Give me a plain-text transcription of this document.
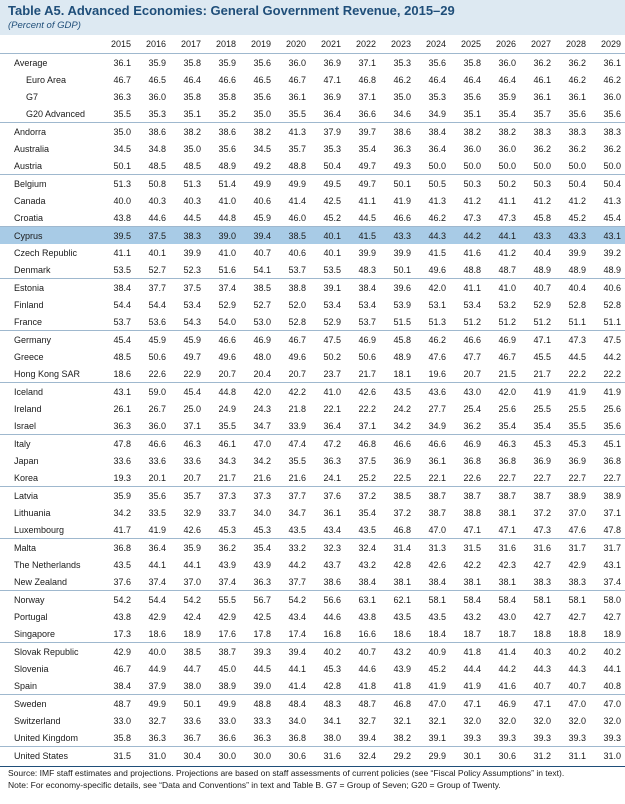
Table A5. Advanced Economies: General Government Revenue, 2015–29
(Percent of GDP)
	2015	2016	2017	2018	2019	2020	2021	2022	2023	2024	2025	2026	2027	2028	2029
Average	36.1	35.9	35.8	35.9	35.6	36.0	36.9	37.1	35.3	35.6	35.8	36.0	36.2	36.2	36.1
Euro Area	46.7	46.5	46.4	46.6	46.5	46.7	47.1	46.8	46.2	46.4	46.4	46.4	46.1	46.2	46.2
G7	36.3	36.0	35.8	35.8	35.6	36.1	36.9	37.1	35.0	35.3	35.6	35.9	36.1	36.1	36.0
G20 Advanced	35.5	35.3	35.1	35.2	35.0	35.5	36.4	36.6	34.6	34.9	35.1	35.4	35.7	35.6	35.6
Andorra	35.0	38.6	38.2	38.6	38.2	41.3	37.9	39.7	38.6	38.4	38.2	38.2	38.3	38.3	38.3
Australia	34.5	34.8	35.0	35.6	34.5	35.7	35.3	35.4	36.3	36.4	36.0	36.0	36.2	36.2	36.2
Austria	50.1	48.5	48.5	48.9	49.2	48.8	50.4	49.7	49.3	50.0	50.0	50.0	50.0	50.0	50.0
Belgium	51.3	50.8	51.3	51.4	49.9	49.9	49.5	49.7	50.1	50.5	50.3	50.2	50.3	50.4	50.4
Canada	40.0	40.3	40.3	41.0	40.6	41.4	42.5	41.1	41.9	41.3	41.2	41.1	41.2	41.2	41.3
Croatia	43.8	44.6	44.5	44.8	45.9	46.0	45.2	44.5	46.6	46.2	47.3	47.3	45.8	45.2	45.4
Cyprus	39.5	37.5	38.3	39.0	39.4	38.5	40.1	41.5	43.3	44.3	44.2	44.1	43.3	43.3	43.1
Czech Republic	41.1	40.1	39.9	41.0	40.7	40.6	40.1	39.9	39.9	41.5	41.6	41.2	40.4	39.9	39.2
Denmark	53.5	52.7	52.3	51.6	54.1	53.7	53.5	48.3	50.1	49.6	48.8	48.7	48.9	48.9	48.9
Estonia	38.4	37.7	37.5	37.4	38.5	38.8	39.1	38.4	39.6	42.0	41.1	41.0	40.7	40.4	40.6
Finland	54.4	54.4	53.4	52.9	52.7	52.0	53.4	53.4	53.9	53.1	53.4	53.2	52.9	52.8	52.8
France	53.7	53.6	54.3	54.0	53.0	52.8	52.9	53.7	51.5	51.3	51.2	51.2	51.2	51.1	51.1
Germany	45.4	45.9	45.9	46.6	46.9	46.7	47.5	46.9	45.8	46.2	46.6	46.9	47.1	47.3	47.5
Greece	48.5	50.6	49.7	49.6	48.0	49.6	50.2	50.6	48.9	47.6	47.7	46.7	45.5	44.5	44.2
Hong Kong SAR	18.6	22.6	22.9	20.7	20.4	20.7	23.7	21.7	18.1	19.6	20.7	21.5	21.7	22.2	22.2
Iceland	43.1	59.0	45.4	44.8	42.0	42.2	41.0	42.6	43.5	43.6	43.0	42.0	41.9	41.9	41.9
Ireland	26.1	26.7	25.0	24.9	24.3	21.8	22.1	22.2	24.2	27.7	25.4	25.6	25.5	25.5	25.6
Israel	36.3	36.0	37.1	35.5	34.7	33.9	36.4	37.1	34.2	34.9	36.2	35.4	35.4	35.5	35.6
Italy	47.8	46.6	46.3	46.1	47.0	47.4	47.2	46.8	46.6	46.6	46.9	46.3	45.3	45.3	45.1
Japan	33.6	33.6	33.6	34.3	34.2	35.5	36.3	37.5	36.9	36.1	36.8	36.8	36.9	36.9	36.8
Korea	19.3	20.1	20.7	21.7	21.6	21.6	24.1	25.2	22.5	22.1	22.6	22.7	22.7	22.7	22.7
Latvia	35.9	35.6	35.7	37.3	37.3	37.7	37.6	37.2	38.5	38.7	38.7	38.7	38.7	38.9	38.9
Lithuania	34.2	33.5	32.9	33.7	34.0	34.7	36.1	35.4	37.2	38.7	38.8	38.1	37.2	37.0	37.1
Luxembourg	41.7	41.9	42.6	45.3	45.3	43.5	43.4	43.5	46.8	47.0	47.1	47.1	47.3	47.6	47.8
Malta	36.8	36.4	35.9	36.2	35.4	33.2	32.3	32.4	31.4	31.3	31.5	31.6	31.6	31.7	31.7
The Netherlands	43.5	44.1	44.1	43.9	43.9	44.2	43.7	43.2	42.8	42.6	42.2	42.3	42.7	42.9	43.1
New Zealand	37.6	37.4	37.0	37.4	36.3	37.7	38.6	38.4	38.1	38.4	38.1	38.1	38.3	38.3	37.4
Norway	54.2	54.4	54.2	55.5	56.7	54.2	56.6	63.1	62.1	58.1	58.4	58.4	58.1	58.1	58.0
Portugal	43.8	42.9	42.4	42.9	42.5	43.4	44.6	43.8	43.5	43.5	43.2	43.0	42.7	42.7	42.7
Singapore	17.3	18.6	18.9	17.6	17.8	17.4	16.8	16.6	18.6	18.4	18.7	18.7	18.8	18.8	18.9
Slovak Republic	42.9	40.0	38.5	38.7	39.3	39.4	40.2	40.7	43.2	40.9	41.8	41.4	40.3	40.2	40.2
Slovenia	46.7	44.9	44.7	45.0	44.5	44.1	45.3	44.6	43.9	45.2	44.4	44.2	44.3	44.3	44.1
Spain	38.4	37.9	38.0	38.9	39.0	41.4	42.8	41.8	41.8	41.9	41.9	41.6	40.7	40.7	40.8
Sweden	48.7	49.9	50.1	49.9	48.8	48.4	48.3	48.7	46.8	47.0	47.1	46.9	47.1	47.0	47.0
Switzerland	33.0	32.7	33.6	33.0	33.3	34.0	34.1	32.7	32.1	32.1	32.0	32.0	32.0	32.0	32.0
United Kingdom	35.8	36.3	36.7	36.6	36.3	36.8	38.0	39.4	38.2	39.1	39.3	39.3	39.3	39.3	39.3
United States	31.5	31.0	30.4	30.0	30.0	30.6	31.6	32.4	29.2	29.9	30.1	30.6	31.2	31.1	31.0
Source: IMF staff estimates and projections. Projections are based on staff assessments of current policies (see “Fiscal Policy Assumptions” in text).
Note: For economy-specific details, see “Data and Conventions” in text and Table B. G7 = Group of Seven; G20 = Group of Twenty.
